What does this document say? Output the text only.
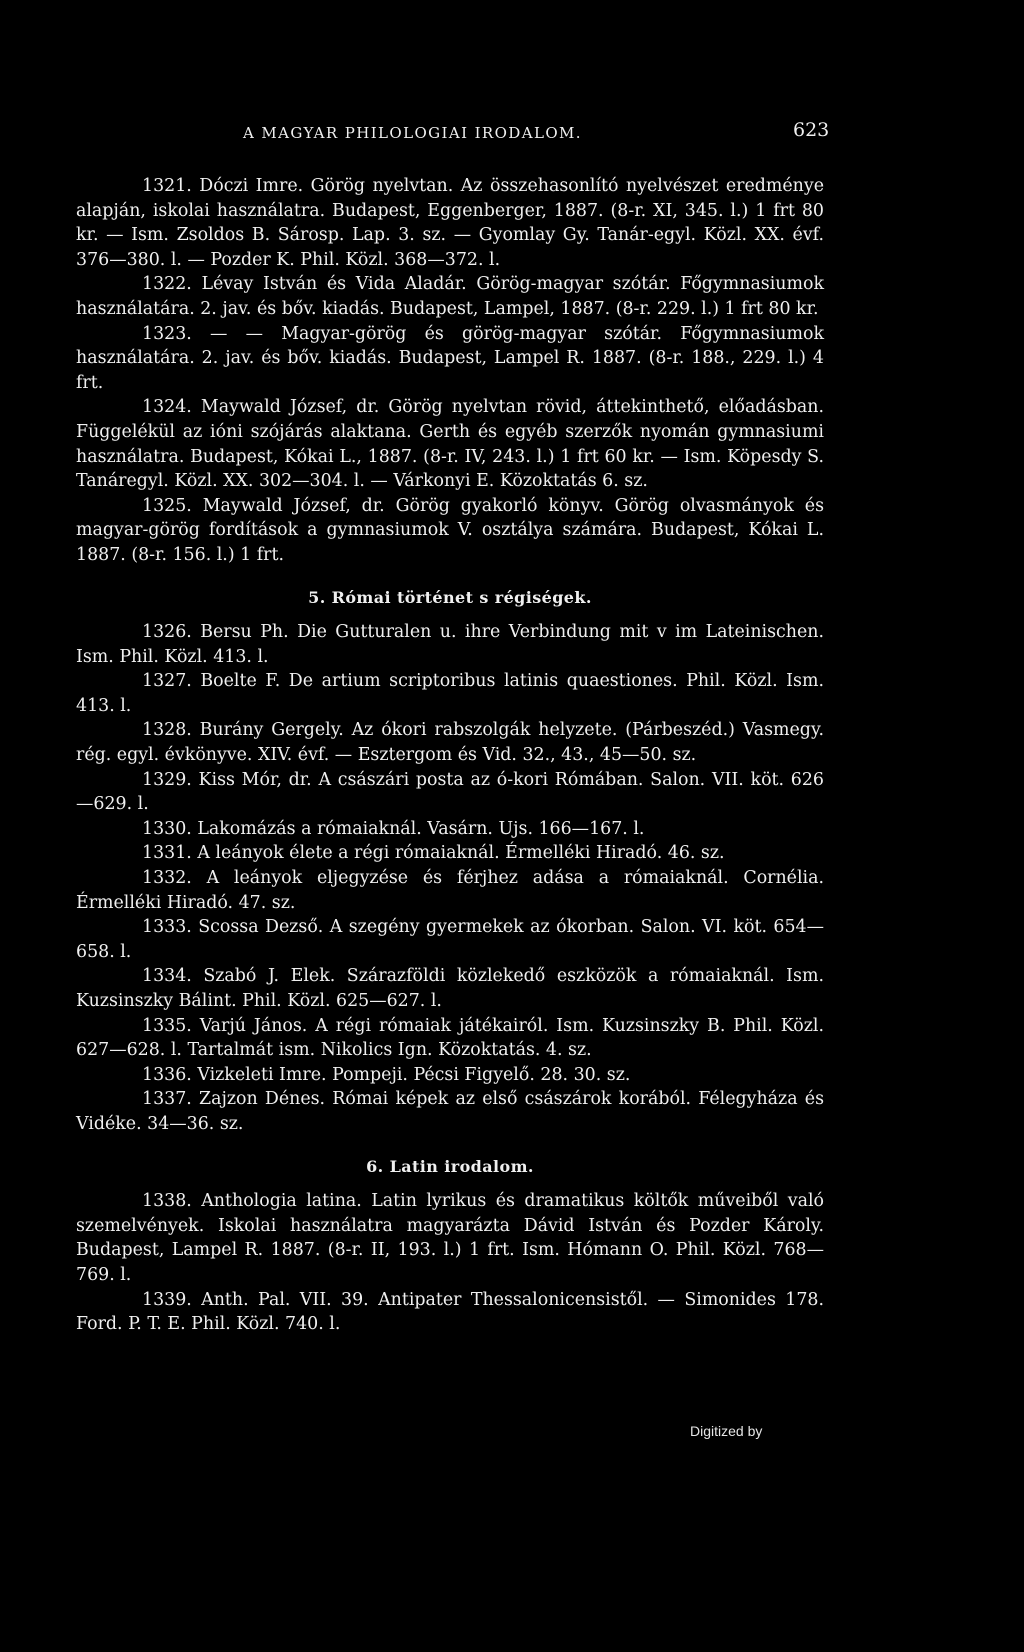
A MAGYAR PHILOLOGIAI IRODALOM.	623

1321. Dóczi Imre. Görög nyelvtan. Az összehasonlító nyelvészet eredménye alapján, iskolai használatra. Budapest, Eggenberger, 1887. (8-r. XI, 345. l.) 1 frt 80 kr. — Ism. Zsoldos B. Sárosp. Lap. 3. sz. — Gyomlay Gy. Tanár-egyl. Közl. XX. évf. 376—380. l. — Pozder K. Phil. Közl. 368—372. l.

1322. Lévay István és Vida Aladár. Görög-magyar szótár. Főgymnasiumok használatára. 2. jav. és bőv. kiadás. Budapest, Lampel, 1887. (8-r. 229. l.) 1 frt 80 kr.

1323. — — Magyar-görög és görög-magyar szótár. Főgymnasiumok használatára. 2. jav. és bőv. kiadás. Budapest, Lampel R. 1887. (8-r. 188., 229. l.) 4 frt.

1324. Maywald József, dr. Görög nyelvtan rövid, áttekinthető, előadásban. Függelékül az ióni szójárás alaktana. Gerth és egyéb szerzők nyomán gymnasiumi használatra. Budapest, Kókai L., 1887. (8-r. IV, 243. l.) 1 frt 60 kr. — Ism. Köpesdy S. Tanáregyl. Közl. XX. 302—304. l. — Várkonyi E. Közoktatás 6. sz.

1325. Maywald József, dr. Görög gyakorló könyv. Görög olvasmányok és magyar-görög fordítások a gymnasiumok V. osztálya számára. Budapest, Kókai L. 1887. (8-r. 156. l.) 1 frt.

5. Római történet s régiségek.

1326. Bersu Ph. Die Gutturalen u. ihre Verbindung mit v im Lateinischen. Ism. Phil. Közl. 413. l.

1327. Boelte F. De artium scriptoribus latinis quaestiones. Phil. Közl. Ism. 413. l.

1328. Burány Gergely. Az ókori rabszolgák helyzete. (Párbeszéd.) Vasmegy. rég. egyl. évkönyve. XIV. évf. — Esztergom és Vid. 32., 43., 45—50. sz.

1329. Kiss Mór, dr. A császári posta az ó-kori Rómában. Salon. VII. köt. 626—629. l.

1330. Lakomázás a rómaiaknál. Vasárn. Ujs. 166—167. l.

1331. A leányok élete a régi rómaiaknál. Érmelléki Hiradó. 46. sz.

1332. A leányok eljegyzése és férjhez adása a rómaiaknál. Cornélia. Érmelléki Hiradó. 47. sz.

1333. Scossa Dezső. A szegény gyermekek az ókorban. Salon. VI. köt. 654—658. l.

1334. Szabó J. Elek. Szárazföldi közlekedő eszközök a rómaiaknál. Ism. Kuzsinszky Bálint. Phil. Közl. 625—627. l.

1335. Varjú János. A régi rómaiak játékairól. Ism. Kuzsinszky B. Phil. Közl. 627—628. l. Tartalmát ism. Nikolics Ign. Közoktatás. 4. sz.

1336. Vizkeleti Imre. Pompeji. Pécsi Figyelő. 28. 30. sz.

1337. Zajzon Dénes. Római képek az első császárok korából. Félegyháza és Vidéke. 34—36. sz.

6. Latin irodalom.

1338. Anthologia latina. Latin lyrikus és dramatikus költők műveiből való szemelvények. Iskolai használatra magyarázta Dávid István és Pozder Károly. Budapest, Lampel R. 1887. (8-r. II, 193. l.) 1 frt. Ism. Hómann O. Phil. Közl. 768—769. l.

1339. Anth. Pal. VII. 39. Antipater Thessalonicensistől. — Simonides 178. Ford. P. T. E. Phil. Közl. 740. l.

Digitized by
